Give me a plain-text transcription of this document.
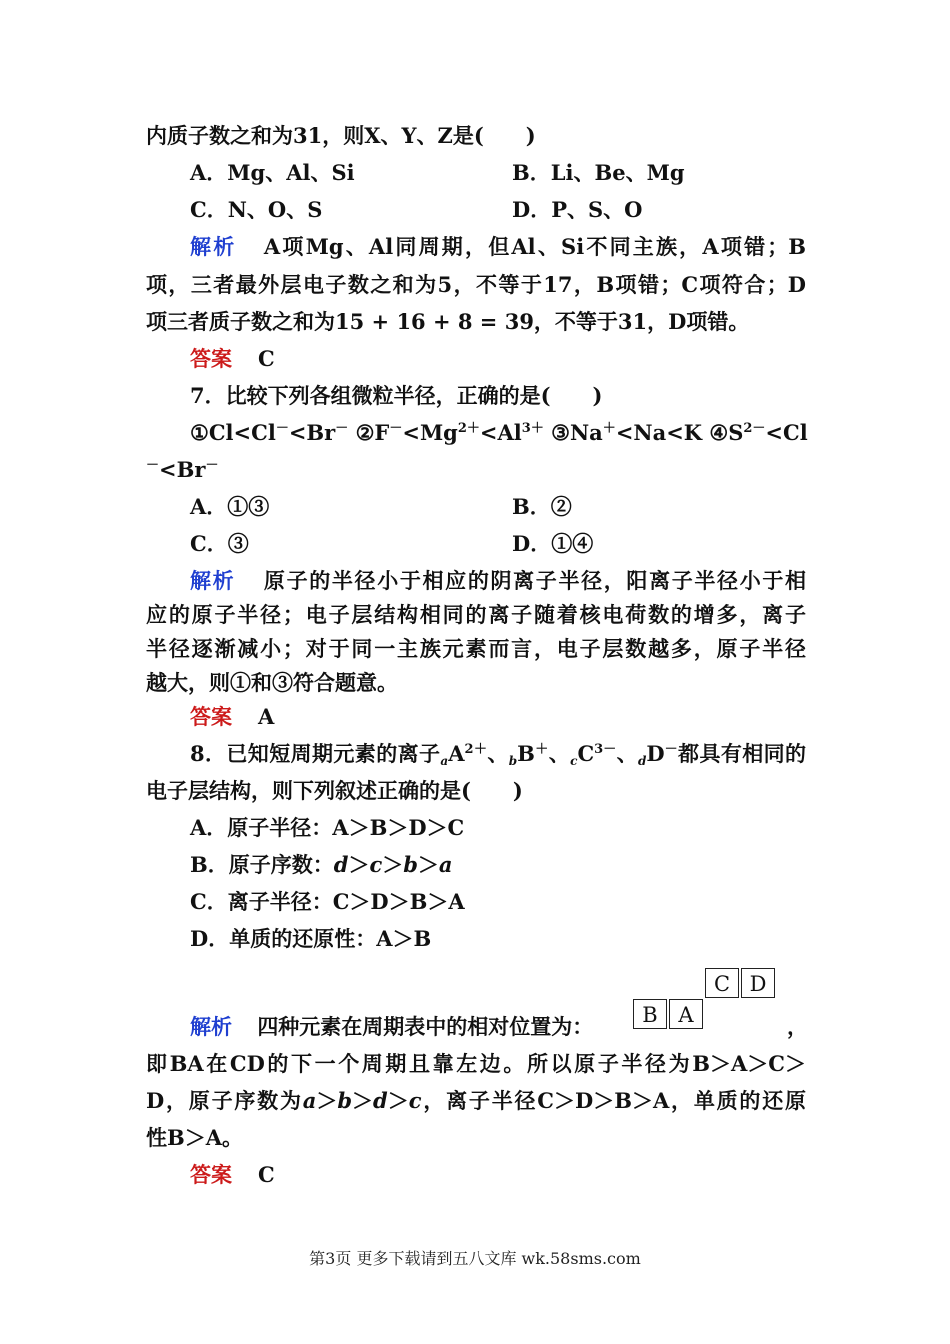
内质子数之和为31，则X、Y、Z是(　　)
A．Mg、Al、Si	B．Li、Be、Mg
C．N、O、S	D．P、S、O
解析 A项Mg、Al同周期，但Al、Si不同主族，A项错；B
项，三者最外层电子数之和为5，不等于17，B项错；C项符合；D
项三者质子数之和为15 + 16 + 8 = 39，不等于31，D项错。
答案 C
7．比较下列各组微粒半径，正确的是(　　)
①Cl<Cl－<Br－ $②F^-<Mg^{2+}<Al^{3+}$ ③Na＋<Na<K $④S^{2-}<Cl$
－<Br－
A．①③	B．②
C．③	D．①④
解析 原子的半径小于相应的阴离子半径，阳离子半径小于相
应的原子半径；电子层结构相同的离子随着核电荷数的增多，离子
半径逐渐减小；对于同一主族元素而言，电子层数越多，原子半径
越大，则①和③符合题意。
答案 A
8．已知短周期元素的离子$_aA^{2+}$、$_b$B＋、$_cC^{3-}$、$_d$D－都具有相同的
电子层结构，则下列叙述正确的是(　　)
A．原子半径：A＞B＞D＞C
B．原子序数：d＞c＞b＞a
C．离子半径：C＞D＞B＞A
D．单质的还原性：A＞B
C D
B A
解析 四种元素在周期表中的相对位置为：	，
即BA在CD的下一个周期且靠左边。所以原子半径为B＞A＞C＞
D，原子序数为a＞b＞d＞c，离子半径C＞D＞B＞A，单质的还原
性B＞A。
答案 C
第3页 更多下载请到五八文库 wk.58sms.com
